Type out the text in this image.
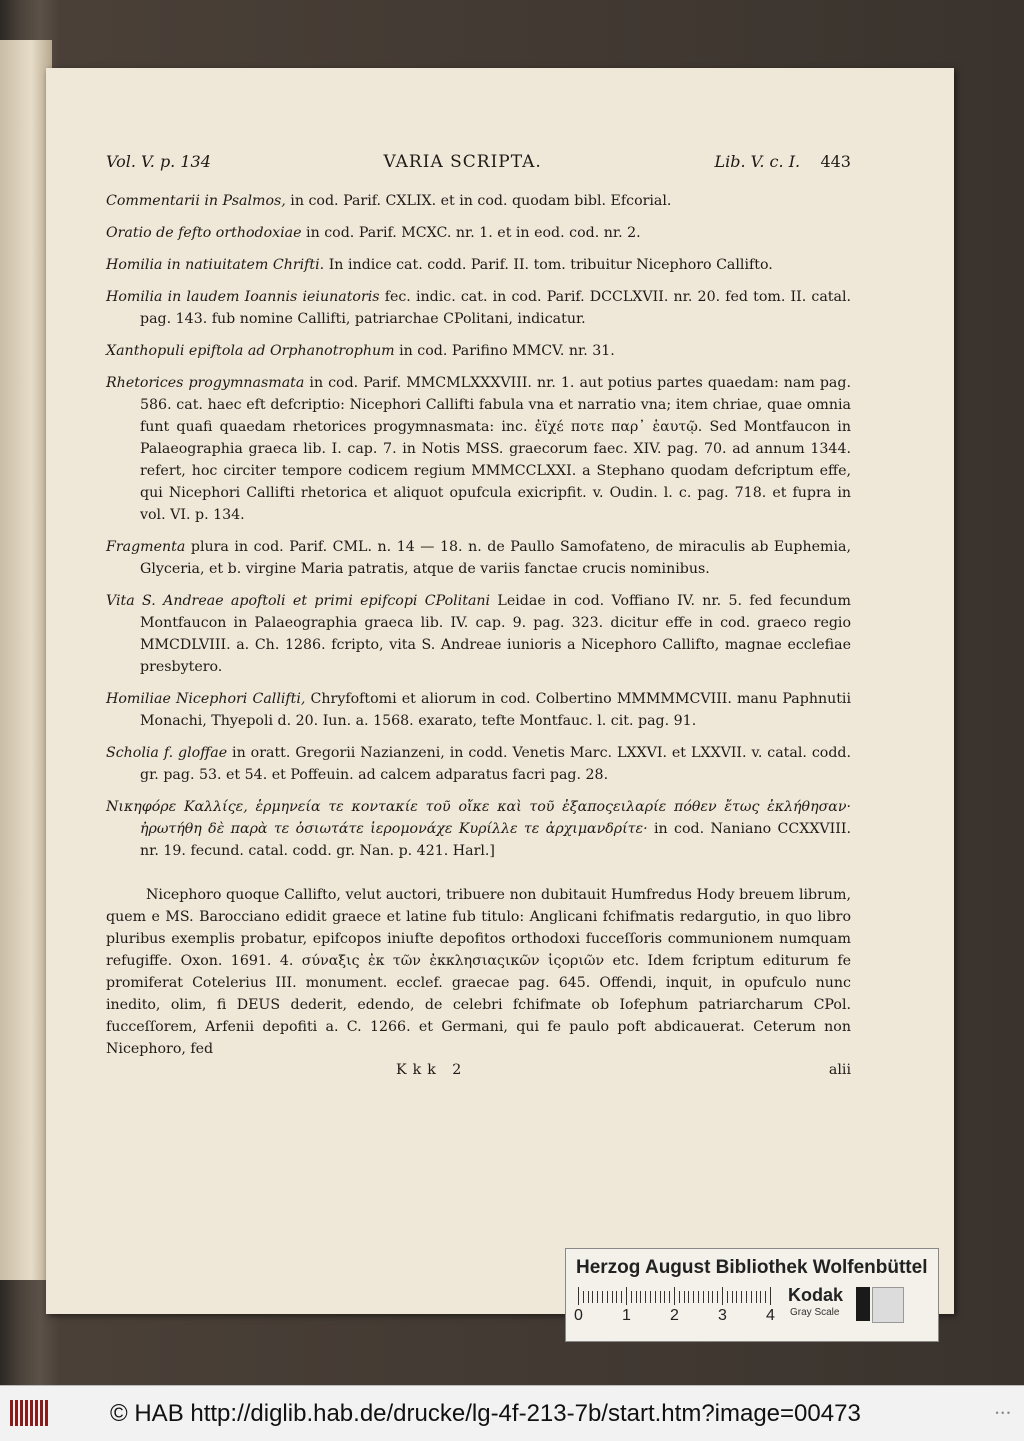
Vol. V. p. 134	VARIA SCRIPTA.	Lib. V. c. I. 443
Commentarii in Psalmos, in cod. Parif. CXLIX. et in cod. quodam bibl. Efcorial.
Oratio de fefto orthodoxiae in cod. Parif. MCXC. nr. 1. et in eod. cod. nr. 2.
Homilia in natiuitatem Chrifti. In indice cat. codd. Parif. II. tom. tribuitur Nicephoro Callifto.
Homilia in laudem Ioannis ieiunatoris fec. indic. cat. in cod. Parif. DCCLXVII. nr. 20. fed tom. II. catal. pag. 143. fub nomine Callifti, patriarchae CPolitani, indicatur.
Xanthopuli epiftola ad Orphanotrophum in cod. Parifino MMCV. nr. 31.
Rhetorices progymnasmata in cod. Parif. MMCMLXXXVIII. nr. 1. aut potius partes quaedam: nam pag. 586. cat. haec eft defcriptio: Nicephori Callifti fabula vna et narratio vna; item chriae, quae omnia funt quafi quaedam rhetorices progymnasmata: inc. ἐϊχέ ποτε παρ᾽ ἑαυτῷ. Sed Montfaucon in Palaeographia graeca lib. I. cap. 7. in Notis MSS. graecorum faec. XIV. pag. 70. ad annum 1344. refert, hoc circiter tempore codicem regium MMMCCLXXI. a Stephano quodam defcriptum effe, qui Nicephori Callifti rhetorica et aliquot opufcula exicripfit. v. Oudin. l. c. pag. 718. et fupra in vol. VI. p. 134.
Fragmenta plura in cod. Parif. CML. n. 14 — 18. n. de Paullo Samofateno, de miraculis ab Euphemia, Glyceria, et b. virgine Maria patratis, atque de variis fanctae crucis nominibus.
Vita S. Andreae apoftoli et primi epifcopi CPolitani Leidae in cod. Voffiano IV. nr. 5. fed fecundum Montfaucon in Palaeographia graeca lib. IV. cap. 9. pag. 323. dicitur effe in cod. graeco regio MMCDLVIII. a. Ch. 1286. fcripto, vita S. Andreae iunioris a Nicephoro Callifto, magnae ecclefiae presbytero.
Homiliae Nicephori Callifti, Chryfoftomi et aliorum in cod. Colbertino MMMMMCVIII. manu Paphnutii Monachi, Thyepoli d. 20. Iun. a. 1568. exarato, tefte Montfauc. l. cit. pag. 91.
Scholia f. gloffae in oratt. Gregorii Nazianzeni, in codd. Venetis Marc. LXXVI. et LXXVII. v. catal. codd. gr. pag. 53. et 54. et Poffeuin. ad calcem adparatus facri pag. 28.
Νικηφόρε Καλλίςε, ἑρμηνεία τε κοντακίε τοῦ οἴκε καὶ τοῦ ἐξαποςειλαρίε πόθεν ἔτως ἐκλήθησαν· ἠρωτήθη δὲ παρὰ τε ὁσιωτάτε ἱερομονάχε Κυρίλλε τε ἀρχιμανδρίτε· in cod. Naniano CCXXVIII. nr. 19. fecund. catal. codd. gr. Nan. p. 421. Harl.]
Nicephoro quoque Callifto, velut auctori, tribuere non dubitauit Humfredus Hody breuem librum, quem e MS. Barocciano edidit graece et latine fub titulo: Anglicani fchifmatis redargutio, in quo libro pluribus exemplis probatur, epifcopos iniufte depofitos orthodoxi fucceſſoris communionem numquam refugiffe. Oxon. 1691. 4. σύναξις ἐκ τῶν ἐκκλησιαςικῶν ἱςοριῶν etc. Idem fcriptum editurum fe promiferat Cotelerius III. monument. ecclef. graecae pag. 645. Offendi, inquit, in opufculo nunc inedito, olim, fi DEUS dederit, edendo, de celebri fchifmate ob Iofephum patriarcharum CPol. fucceſſorem, Arfenii depofiti a. C. 1266. et Germani, qui fe paulo poft abdicauerat. Ceterum non Nicephoro, fed
Kkk 2	alii
Herzog August Bibliothek Wolfenbüttel
0 1 2 3 4
Kodak
Gray Scale
© HAB http://diglib.hab.de/drucke/lg-4f-213-7b/start.htm?image=00473	• • •
